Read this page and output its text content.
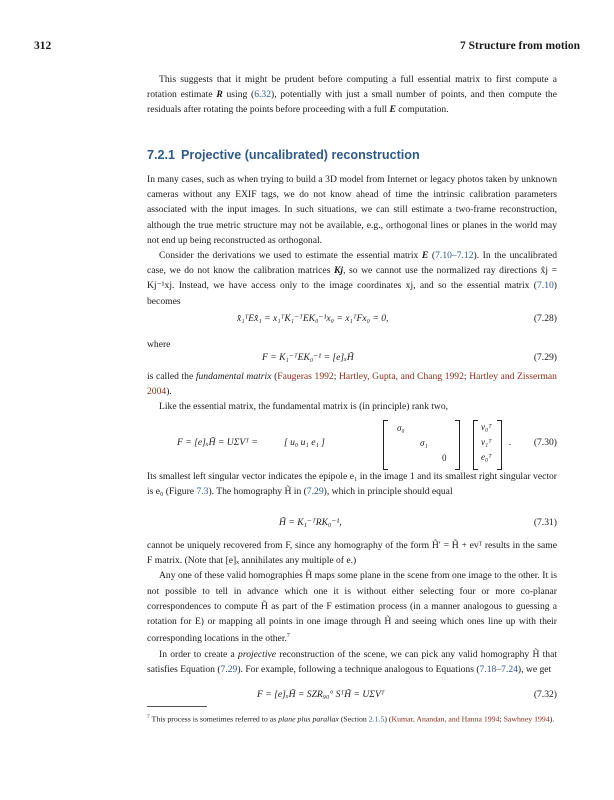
312	7 Structure from motion

This suggests that it might be prudent before computing a full essential matrix to first compute a rotation estimate R using (6.32), potentially with just a small number of points, and then compute the residuals after rotating the points before proceeding with a full E computation.

7.2.1 Projective (uncalibrated) reconstruction

In many cases, such as when trying to build a 3D model from Internet or legacy photos taken by unknown cameras without any EXIF tags, we do not know ahead of time the intrinsic calibration parameters associated with the input images. In such situations, we can still estimate a two-frame reconstruction, although the true metric structure may not be available, e.g., orthogonal lines or planes in the world may not end up being reconstructed as orthogonal.

Consider the derivations we used to estimate the essential matrix E (7.10–7.12). In the uncalibrated case, we do not know the calibration matrices Kj, so we cannot use the normalized ray directions x̂j = Kj⁻¹xj. Instead, we have access only to the image coordinates xj, and so the essential matrix (7.10) becomes

x̂₁ᵀEx̂₁ = x₁ᵀK₁⁻ᵀEK₀⁻¹x₀ = x₁ᵀFx₀ = 0,	(7.28)

where

F = K₁⁻ᵀEK₀⁻¹ = [e]ₓH̃	(7.29)

is called the fundamental matrix (Faugeras 1992; Hartley, Gupta, and Chang 1992; Hartley and Zisserman 2004).

Like the essential matrix, the fundamental matrix is (in principle) rank two,

F = [e]ₓH̃ = UΣVᵀ =	[ u₀ u₁ e₁ ]
σ₀
σ₁
0
v₀ᵀ
v₁ᵀ
e₀ᵀ
. (7.30)

Its smallest left singular vector indicates the epipole e₁ in the image 1 and its smallest right singular vector is e₀ (Figure 7.3). The homography H̃ in (7.29), which in principle should equal

H̃ = K₁⁻ᵀRK₀⁻¹,	(7.31)

cannot be uniquely recovered from F, since any homography of the form H̃′ = H̃ + evᵀ results in the same F matrix. (Note that [e]ₓ annihilates any multiple of e.)

Any one of these valid homographies H̃ maps some plane in the scene from one image to the other. It is not possible to tell in advance which one it is without either selecting four or more co-planar correspondences to compute H̃ as part of the F estimation process (in a manner analogous to guessing a rotation for E) or mapping all points in one image through H̃ and seeing which ones line up with their corresponding locations in the other.$^7$

In order to create a projective reconstruction of the scene, we can pick any valid homography H̃ that satisfies Equation (7.29). For example, following a technique analogous to Equations (7.18–7.24), we get

F = [e]ₓH̃ = SZR₉₀° SᵀH̃ = UΣVᵀ	(7.32)
$^7$ This process is sometimes referred to as plane plus parallax (Section 2.1.5) (Kumar, Anandan, and Hanna 1994; Sawhney 1994).
